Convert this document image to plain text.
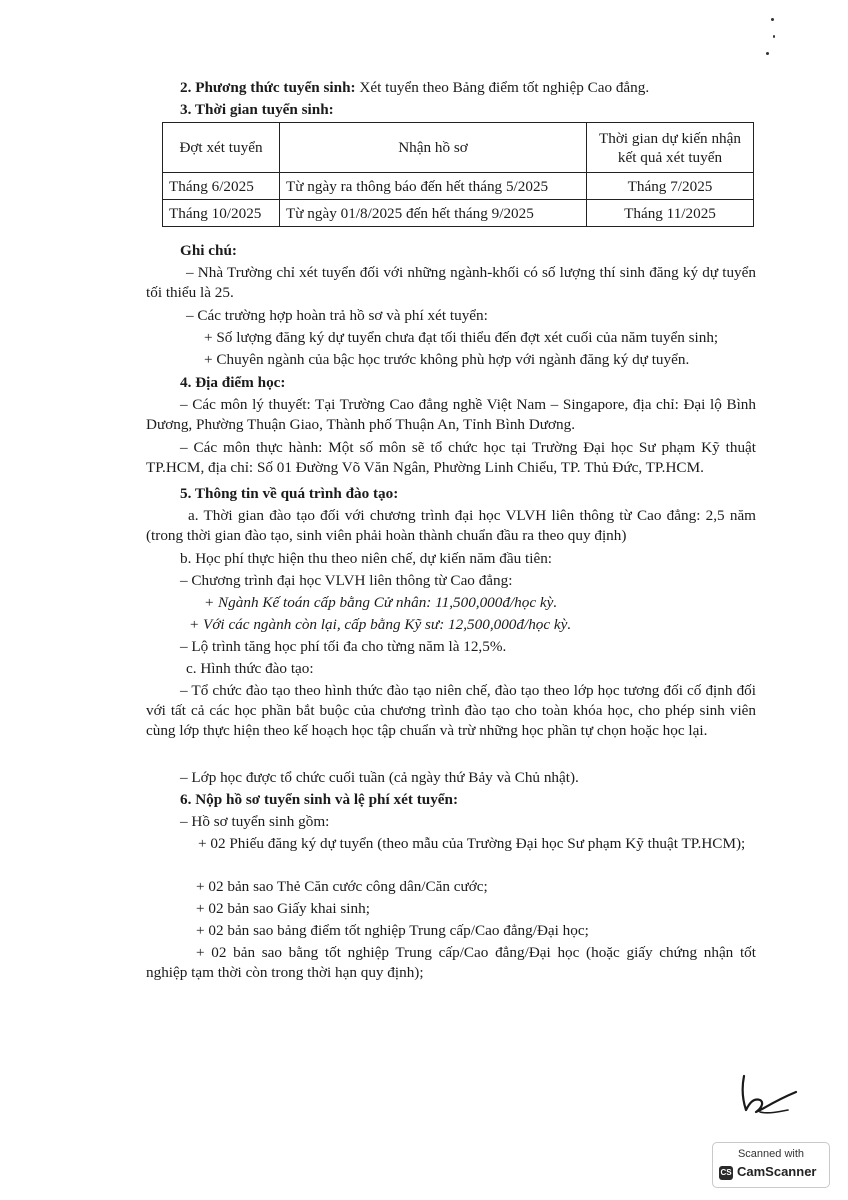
2. Phương thức tuyển sinh: Xét tuyển theo Bảng điểm tốt nghiệp Cao đẳng.
3. Thời gian tuyển sinh:
Đợt xét tuyển	Nhận hồ sơ	Thời gian dự kiến nhận kết quả xét tuyển
Tháng 6/2025	Từ ngày ra thông báo đến hết tháng 5/2025	Tháng 7/2025
Tháng 10/2025	Từ ngày 01/8/2025 đến hết tháng 9/2025	Tháng 11/2025
Ghi chú:
– Nhà Trường chỉ xét tuyển đối với những ngành-khối có số lượng thí sinh đăng ký dự tuyển tối thiểu là 25.
– Các trường hợp hoàn trả hồ sơ và phí xét tuyển:
+ Số lượng đăng ký dự tuyển chưa đạt tối thiểu đến đợt xét cuối của năm tuyển sinh;
+ Chuyên ngành của bậc học trước không phù hợp với ngành đăng ký dự tuyển.
4. Địa điểm học:
– Các môn lý thuyết: Tại Trường Cao đẳng nghề Việt Nam – Singapore, địa chỉ: Đại lộ Bình Dương, Phường Thuận Giao, Thành phố Thuận An, Tỉnh Bình Dương.
– Các môn thực hành: Một số môn sẽ tổ chức học tại Trường Đại học Sư phạm Kỹ thuật TP.HCM, địa chỉ: Số 01 Đường Võ Văn Ngân, Phường Linh Chiểu, TP. Thủ Đức, TP.HCM.
5. Thông tin về quá trình đào tạo:
a. Thời gian đào tạo đối với chương trình đại học VLVH liên thông từ Cao đẳng: 2,5 năm (trong thời gian đào tạo, sinh viên phải hoàn thành chuẩn đầu ra theo quy định)
b. Học phí thực hiện thu theo niên chế, dự kiến năm đầu tiên:
– Chương trình đại học VLVH liên thông từ Cao đẳng:
+ Ngành Kế toán cấp bằng Cử nhân: 11,500,000đ/học kỳ.
+ Với các ngành còn lại, cấp bằng Kỹ sư: 12,500,000đ/học kỳ.
– Lộ trình tăng học phí tối đa cho từng năm là 12,5%.
c. Hình thức đào tạo:
– Tổ chức đào tạo theo hình thức đào tạo niên chế, đào tạo theo lớp học tương đối cố định đối với tất cả các học phần bắt buộc của chương trình đào tạo cho toàn khóa học, cho phép sinh viên cùng lớp thực hiện theo kế hoạch học tập chuẩn và trừ những học phần tự chọn hoặc học lại.
– Lớp học được tổ chức cuối tuần (cả ngày thứ Bảy và Chủ nhật).
6. Nộp hồ sơ tuyển sinh và lệ phí xét tuyển:
– Hồ sơ tuyển sinh gồm:
+ 02 Phiếu đăng ký dự tuyển (theo mẫu của Trường Đại học Sư phạm Kỹ thuật TP.HCM);
+ 02 bản sao Thẻ Căn cước công dân/Căn cước;
+ 02 bản sao Giấy khai sinh;
+ 02 bản sao bảng điểm tốt nghiệp Trung cấp/Cao đẳng/Đại học;
+ 02 bản sao bằng tốt nghiệp Trung cấp/Cao đẳng/Đại học (hoặc giấy chứng nhận tốt nghiệp tạm thời còn trong thời hạn quy định);
Scanned with
CS CamScanner
